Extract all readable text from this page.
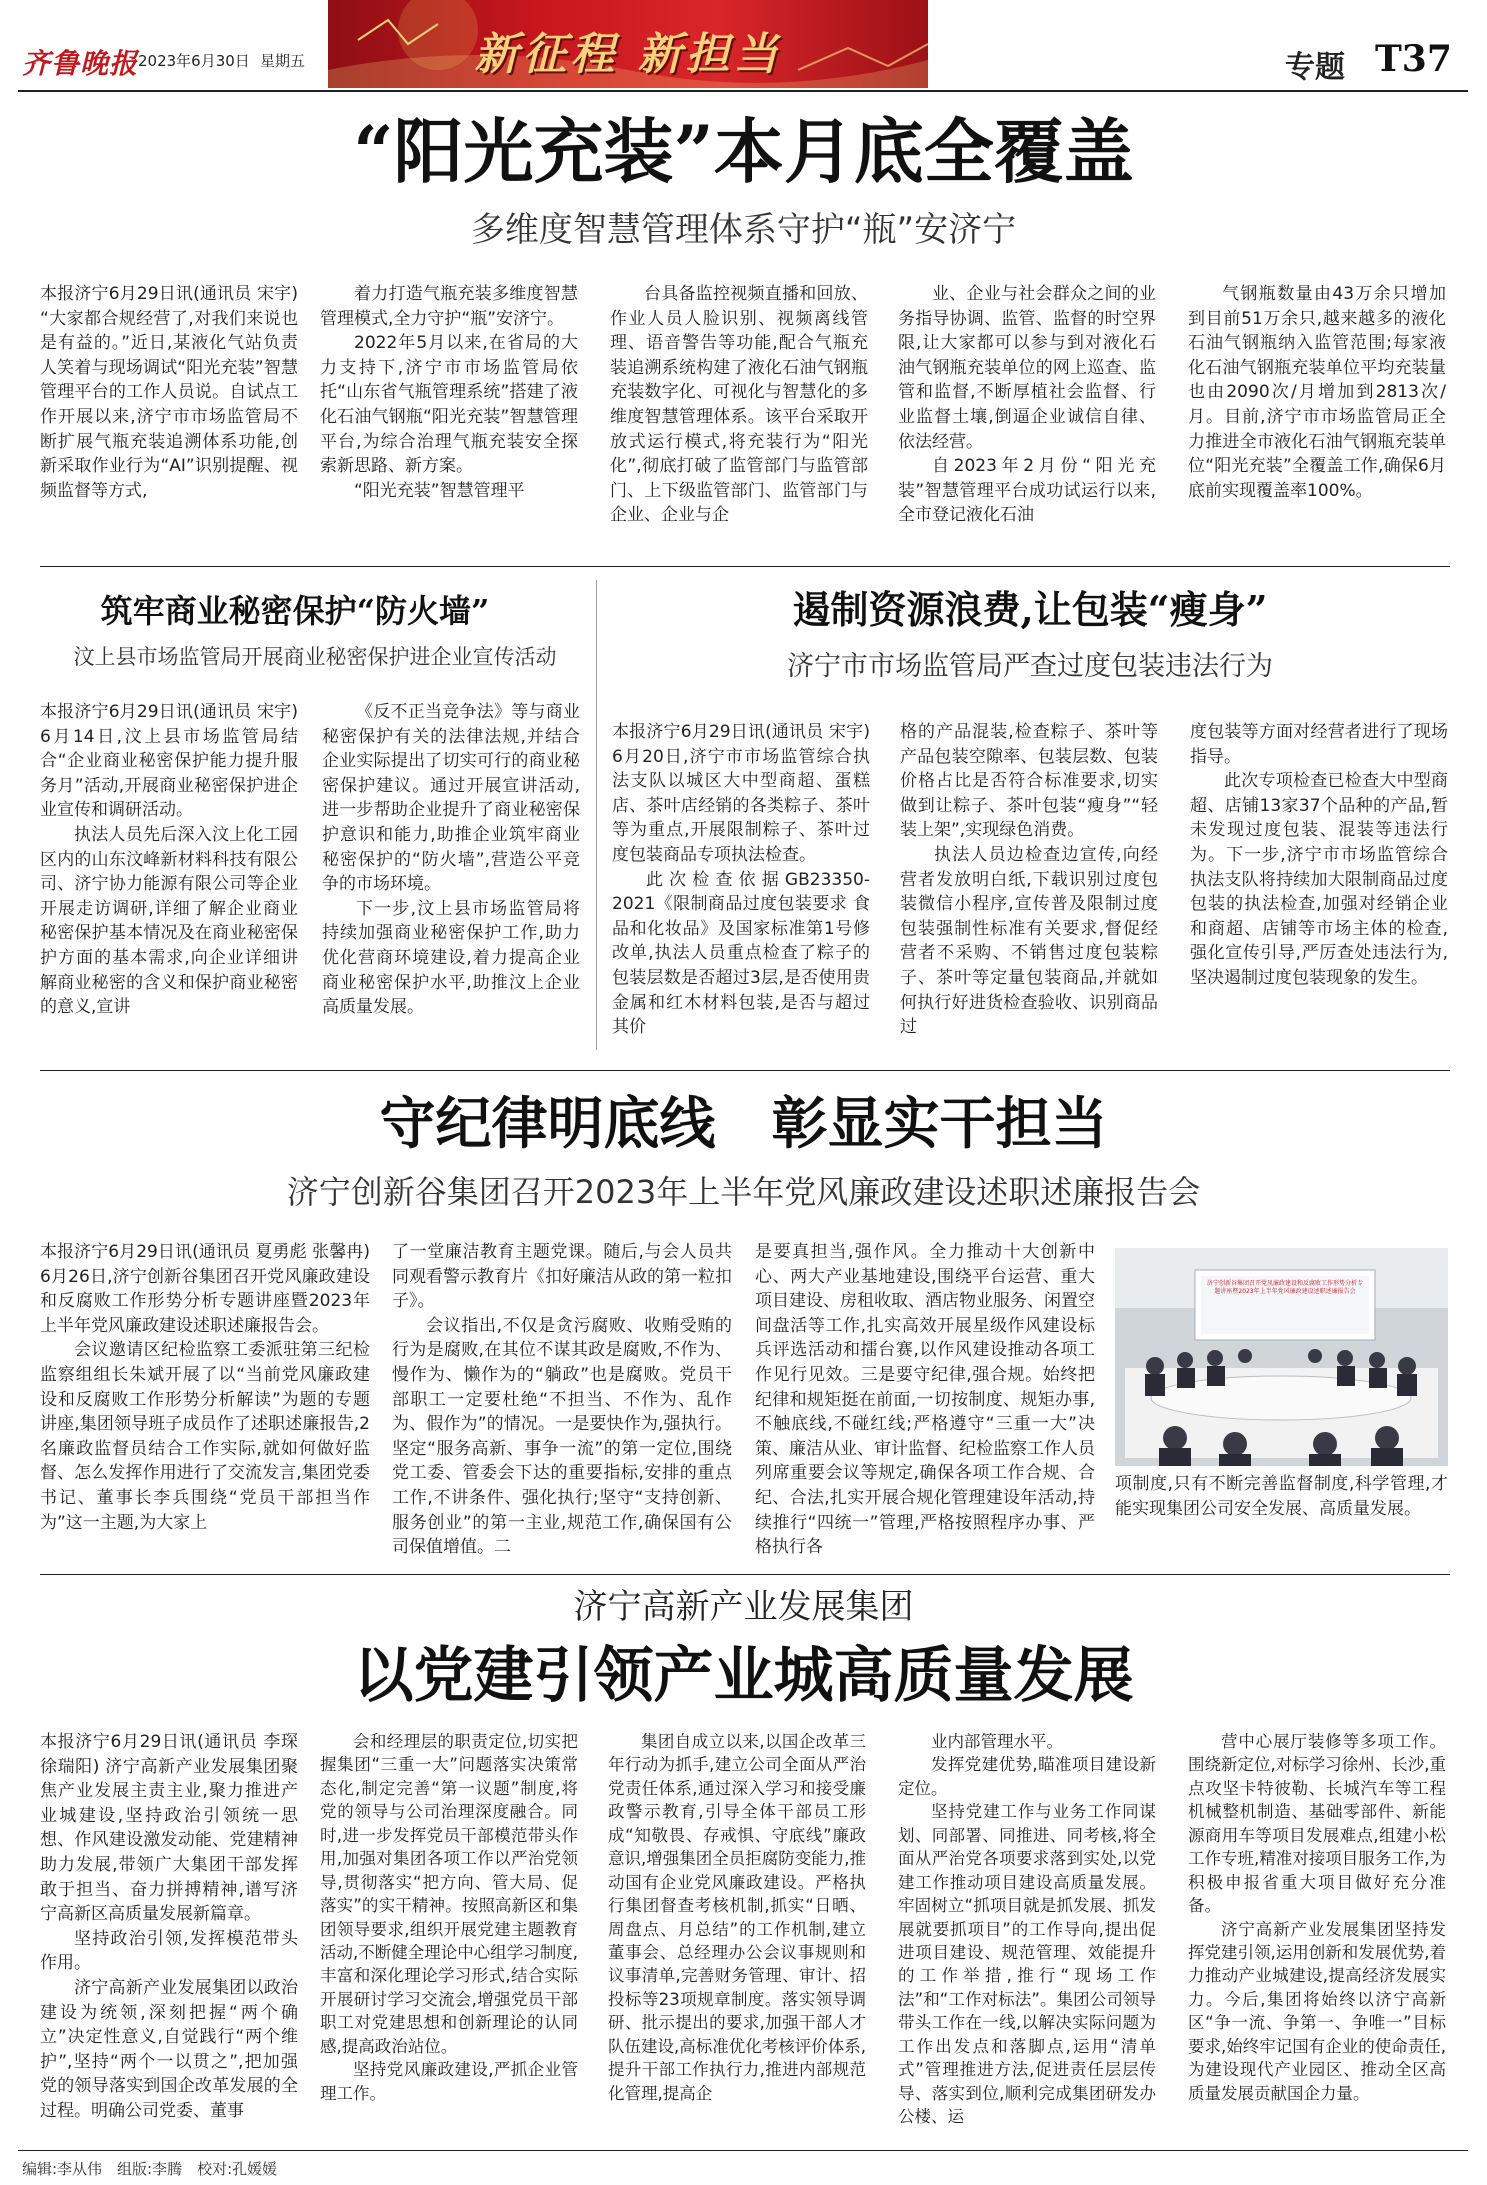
齐鲁晚报 2023年6月30日 星期五	新征程 新担当	专题 T37
“阳光充装”本月底全覆盖
多维度智慧管理体系守护“瓶”安济宁

本报济宁6月29日讯(通讯员 宋宇) “大家都合规经营了,对我们来说也是有益的。”近日,某液化气站负责人笑着与现场调试“阳光充装”智慧管理平台的工作人员说。自试点工作开展以来,济宁市市场监管局不断扩展气瓶充装追溯体系功能,创新采取作业行为“AI”识别提醒、视频监督等方式,

着力打造气瓶充装多维度智慧管理模式,全力守护“瓶”安济宁。

2022年5月以来,在省局的大力支持下,济宁市市场监管局依托“山东省气瓶管理系统”搭建了液化石油气钢瓶“阳光充装”智慧管理平台,为综合治理气瓶充装安全探索新思路、新方案。

“阳光充装”智慧管理平

台具备监控视频直播和回放、作业人员人脸识别、视频离线管理、语音警告等功能,配合气瓶充装追溯系统构建了液化石油气钢瓶充装数字化、可视化与智慧化的多维度智慧管理体系。该平台采取开放式运行模式,将充装行为“阳光化”,彻底打破了监管部门与监管部门、上下级监管部门、监管部门与企业、企业与企

业、企业与社会群众之间的业务指导协调、监管、监督的时空界限,让大家都可以参与到对液化石油气钢瓶充装单位的网上巡查、监管和监督,不断厚植社会监督、行业监督土壤,倒逼企业诚信自律、依法经营。

自2023年2月份“阳光充装”智慧管理平台成功试运行以来,全市登记液化石油

气钢瓶数量由43万余只增加到目前51万余只,越来越多的液化石油气钢瓶纳入监管范围;每家液化石油气钢瓶充装单位平均充装量也由2090次/月增加到2813次/月。目前,济宁市市场监管局正全力推进全市液化石油气钢瓶充装单位“阳光充装”全覆盖工作,确保6月底前实现覆盖率100%。

筑牢商业秘密保护“防火墙”
汶上县市场监管局开展商业秘密保护进企业宣传活动

本报济宁6月29日讯(通讯员 宋宇) 6月14日,汶上县市场监管局结合“企业商业秘密保护能力提升服务月”活动,开展商业秘密保护进企业宣传和调研活动。

执法人员先后深入汶上化工园区内的山东汶峰新材料科技有限公司、济宁协力能源有限公司等企业开展走访调研,详细了解企业商业秘密保护基本情况及在商业秘密保护方面的基本需求,向企业详细讲解商业秘密的含义和保护商业秘密的意义,宣讲

《反不正当竞争法》等与商业秘密保护有关的法律法规,并结合企业实际提出了切实可行的商业秘密保护建议。通过开展宣讲活动,进一步帮助企业提升了商业秘密保护意识和能力,助推企业筑牢商业秘密保护的“防火墙”,营造公平竞争的市场环境。

下一步,汶上县市场监管局将持续加强商业秘密保护工作,助力优化营商环境建设,着力提高企业商业秘密保护水平,助推汶上企业高质量发展。

遏制资源浪费,让包装“瘦身”
济宁市市场监管局严查过度包装违法行为

本报济宁6月29日讯(通讯员 宋宇) 6月20日,济宁市市场监管综合执法支队以城区大中型商超、蛋糕店、茶叶店经销的各类粽子、茶叶等为重点,开展限制粽子、茶叶过度包装商品专项执法检查。

此次检查依据GB23350-2021《限制商品过度包装要求 食品和化妆品》及国家标准第1号修改单,执法人员重点检查了粽子的包装层数是否超过3层,是否使用贵金属和红木材料包装,是否与超过其价

格的产品混装,检查粽子、茶叶等产品包装空隙率、包装层数、包装价格占比是否符合标准要求,切实做到让粽子、茶叶包装“瘦身”“轻装上架”,实现绿色消费。

执法人员边检查边宣传,向经营者发放明白纸,下载识别过度包装微信小程序,宣传普及限制过度包装强制性标准有关要求,督促经营者不采购、不销售过度包装粽子、茶叶等定量包装商品,并就如何执行好进货检查验收、识别商品过

度包装等方面对经营者进行了现场指导。

此次专项检查已检查大中型商超、店铺13家37个品种的产品,暂未发现过度包装、混装等违法行为。下一步,济宁市市场监管综合执法支队将持续加大限制商品过度包装的执法检查,加强对经销企业和商超、店铺等市场主体的检查,强化宣传引导,严厉查处违法行为,坚决遏制过度包装现象的发生。

守纪律明底线　彰显实干担当
济宁创新谷集团召开2023年上半年党风廉政建设述职述廉报告会

本报济宁6月29日讯(通讯员 夏勇彪 张馨冉) 6月26日,济宁创新谷集团召开党风廉政建设和反腐败工作形势分析专题讲座暨2023年上半年党风廉政建设述职述廉报告会。

会议邀请区纪检监察工委派驻第三纪检监察组组长朱斌开展了以“当前党风廉政建设和反腐败工作形势分析解读”为题的专题讲座,集团领导班子成员作了述职述廉报告,2名廉政监督员结合工作实际,就如何做好监督、怎么发挥作用进行了交流发言,集团党委书记、董事长李兵围绕“党员干部担当作为”这一主题,为大家上

了一堂廉洁教育主题党课。随后,与会人员共同观看警示教育片《扣好廉洁从政的第一粒扣子》。

会议指出,不仅是贪污腐败、收贿受贿的行为是腐败,在其位不谋其政是腐败,不作为、慢作为、懒作为的“躺政”也是腐败。党员干部职工一定要杜绝“不担当、不作为、乱作为、假作为”的情况。一是要快作为,强执行。坚定“服务高新、事争一流”的第一定位,围绕党工委、管委会下达的重要指标,安排的重点工作,不讲条件、强化执行;坚守“支持创新、服务创业”的第一主业,规范工作,确保国有公司保值增值。二

是要真担当,强作风。全力推动十大创新中心、两大产业基地建设,围绕平台运营、重大项目建设、房租收取、酒店物业服务、闲置空间盘活等工作,扎实高效开展星级作风建设标兵评选活动和擂台赛,以作风建设推动各项工作见行见效。三是要守纪律,强合规。始终把纪律和规矩挺在前面,一切按制度、规矩办事,不触底线,不碰红线;严格遵守“三重一大”决策、廉洁从业、审计监督、纪检监察工作人员列席重要会议等规定,确保各项工作合规、合纪、合法,扎实开展合规化管理建设年活动,持续推行“四统一”管理,严格按照程序办事、严格执行各

济宁创新谷集团召开党风廉政建设和反腐败工作形势分析专题讲座暨2023年上半年党风廉政建设述职述廉报告会

项制度,只有不断完善监督制度,科学管理,才能实现集团公司安全发展、高质量发展。

济宁高新产业发展集团
以党建引领产业城高质量发展

本报济宁6月29日讯(通讯员 李琛 徐瑞阳) 济宁高新产业发展集团聚焦产业发展主责主业,聚力推进产业城建设,坚持政治引领统一思想、作风建设激发动能、党建精神助力发展,带领广大集团干部发挥敢于担当、奋力拼搏精神,谱写济宁高新区高质量发展新篇章。

坚持政治引领,发挥模范带头作用。

济宁高新产业发展集团以政治建设为统领,深刻把握“两个确立”决定性意义,自觉践行“两个维护”,坚持“两个一以贯之”,把加强党的领导落实到国企改革发展的全过程。明确公司党委、董事

会和经理层的职责定位,切实把握集团“三重一大”问题落实决策常态化,制定完善“第一议题”制度,将党的领导与公司治理深度融合。同时,进一步发挥党员干部模范带头作用,加强对集团各项工作以严治党领导,贯彻落实“把方向、管大局、促落实”的实干精神。按照高新区和集团领导要求,组织开展党建主题教育活动,不断健全理论中心组学习制度,丰富和深化理论学习形式,结合实际开展研讨学习交流会,增强党员干部职工对党建思想和创新理论的认同感,提高政治站位。

坚持党风廉政建设,严抓企业管理工作。

集团自成立以来,以国企改革三年行动为抓手,建立公司全面从严治党责任体系,通过深入学习和接受廉政警示教育,引导全体干部员工形成“知敬畏、存戒惧、守底线”廉政意识,增强集团全员拒腐防变能力,推动国有企业党风廉政建设。严格执行集团督查考核机制,抓实“日晒、周盘点、月总结”的工作机制,建立董事会、总经理办公会议事规则和议事清单,完善财务管理、审计、招投标等23项规章制度。落实领导调研、批示提出的要求,加强干部人才队伍建设,高标准优化考核评价体系,提升干部工作执行力,推进内部规范化管理,提高企

业内部管理水平。

发挥党建优势,瞄准项目建设新定位。

坚持党建工作与业务工作同谋划、同部署、同推进、同考核,将全面从严治党各项要求落到实处,以党建工作推动项目建设高质量发展。牢固树立“抓项目就是抓发展、抓发展就要抓项目”的工作导向,提出促进项目建设、规范管理、效能提升的工作举措,推行“现场工作法”和“工作对标法”。集团公司领导带头工作在一线,以解决实际问题为工作出发点和落脚点,运用“清单式”管理推进方法,促进责任层层传导、落实到位,顺利完成集团研发办公楼、运

营中心展厅装修等多项工作。围绕新定位,对标学习徐州、长沙,重点攻坚卡特彼勒、长城汽车等工程机械整机制造、基础零部件、新能源商用车等项目发展难点,组建小松工作专班,精准对接项目服务工作,为积极申报省重大项目做好充分准备。

济宁高新产业发展集团坚持发挥党建引领,运用创新和发展优势,着力推动产业城建设,提高经济发展实力。今后,集团将始终以济宁高新区“争一流、争第一、争唯一”目标要求,始终牢记国有企业的使命责任,为建设现代产业园区、推动全区高质量发展贡献国企力量。

编辑:李从伟　组版:李腾　校对:孔媛媛
